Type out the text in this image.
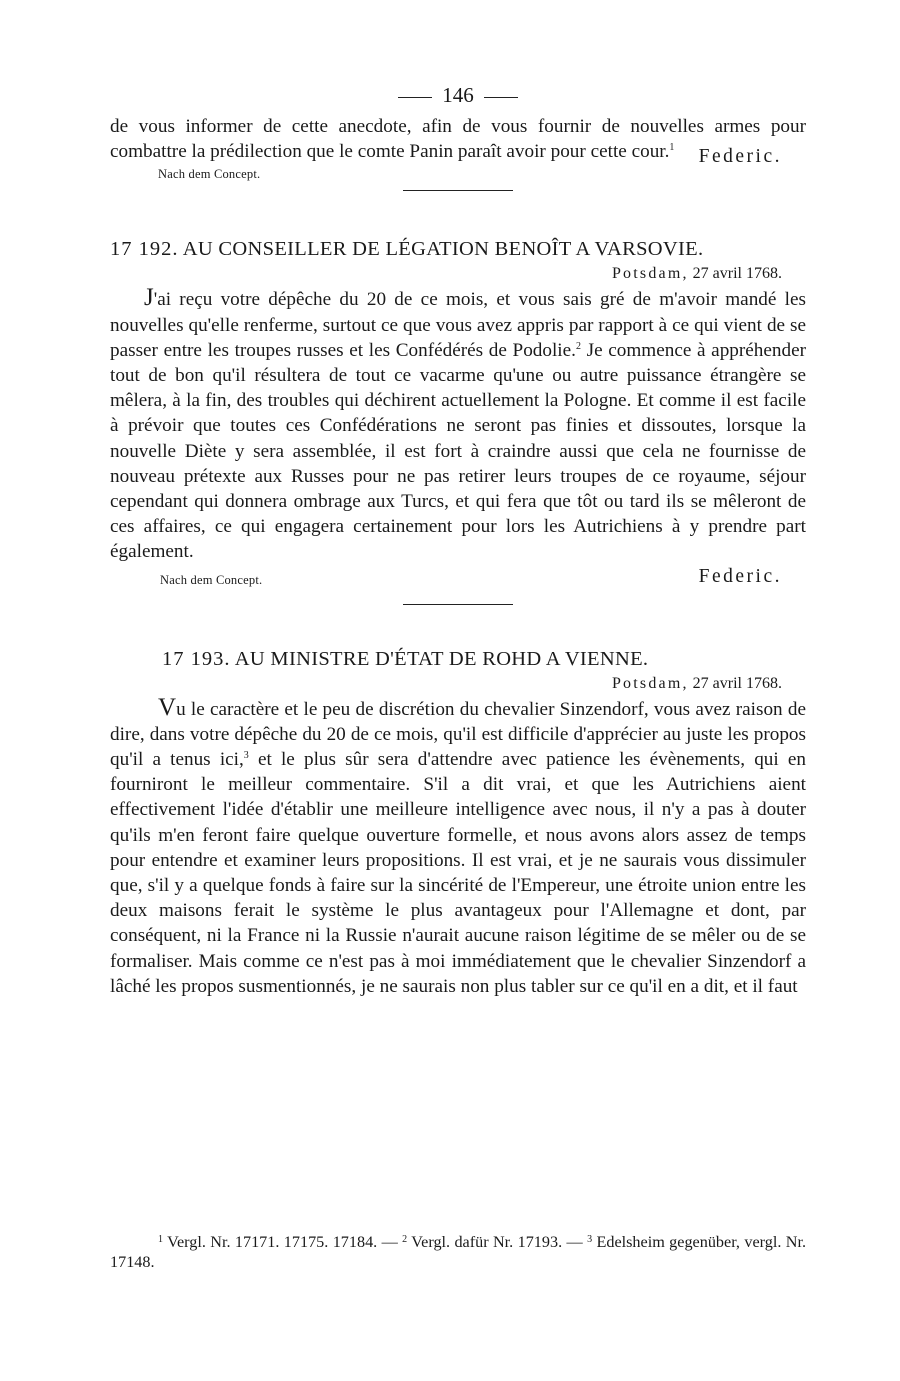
146

de vous informer de cette anecdote, afin de vous fournir de nouvelles armes pour combattre la prédilection que le comte Panin paraît avoir pour cette cour.$^1$

Nach dem Concept.
Federic.
17 192. AU CONSEILLER DE LÉGATION BENOÎT A VARSOVIE.
Potsdam, 27 avril 1768.

J'ai reçu votre dépêche du 20 de ce mois, et vous sais gré de m'avoir mandé les nouvelles qu'elle renferme, surtout ce que vous avez appris par rapport à ce qui vient de se passer entre les troupes russes et les Confédérés de Podolie.$^2$ Je commence à appréhender tout de bon qu'il résultera de tout ce vacarme qu'une ou autre puissance étrangère se mêlera, à la fin, des troubles qui déchirent actuellement la Pologne. Et comme il est facile à prévoir que toutes ces Confédérations ne seront pas finies et dissoutes, lorsque la nouvelle Diète y sera assemblée, il est fort à craindre aussi que cela ne fournisse de nouveau prétexte aux Russes pour ne pas retirer leurs troupes de ce royaume, séjour cependant qui donnera ombrage aux Turcs, et qui fera que tôt ou tard ils se mêleront de ces affaires, ce qui engagera certainement pour lors les Autrichiens à y prendre part également.

Nach dem Concept.	Federic.
17 193. AU MINISTRE D'ÉTAT DE ROHD A VIENNE.
Potsdam, 27 avril 1768.

Vu le caractère et le peu de discrétion du chevalier Sinzendorf, vous avez raison de dire, dans votre dépêche du 20 de ce mois, qu'il est difficile d'apprécier au juste les propos qu'il a tenus ici,$^3$ et le plus sûr sera d'attendre avec patience les évènements, qui en fourniront le meilleur commentaire. S'il a dit vrai, et que les Autrichiens aient effectivement l'idée d'établir une meilleure intelligence avec nous, il n'y a pas à douter qu'ils m'en feront faire quelque ouverture formelle, et nous avons alors assez de temps pour entendre et examiner leurs propositions. Il est vrai, et je ne saurais vous dissimuler que, s'il y a quelque fonds à faire sur la sincérité de l'Empereur, une étroite union entre les deux maisons ferait le système le plus avantageux pour l'Allemagne et dont, par conséquent, ni la France ni la Russie n'aurait aucune raison légitime de se mêler ou de se formaliser. Mais comme ce n'est pas à moi immédiatement que le chevalier Sinzendorf a lâché les propos susmentionnés, je ne saurais non plus tabler sur ce qu'il en a dit, et il faut

$^1$ Vergl. Nr. 17171. 17175. 17184. — $^2$ Vergl. dafür Nr. 17193. — $^3$ Edelsheim gegenüber, vergl. Nr. 17148.
